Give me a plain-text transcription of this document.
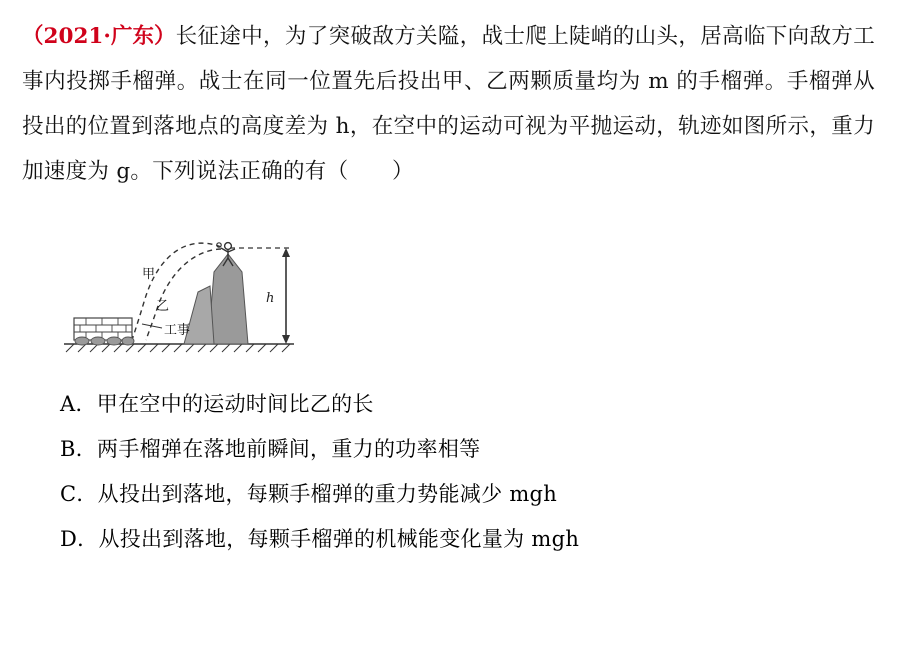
（2021·广东）长征途中，为了突破敌方关隘，战士爬上陡峭的山头，居高临下向敌方工事内投掷手榴弹。战士在同一位置先后投出甲、乙两颗质量均为 m 的手榴弹。手榴弹从投出的位置到落地点的高度差为 h，在空中的运动可视为平抛运动，轨迹如图所示，重力加速度为 g。下列说法正确的有（　　）
h
甲
乙
工事
A．甲在空中的运动时间比乙的长
B．两手榴弹在落地前瞬间，重力的功率相等
C．从投出到落地，每颗手榴弹的重力势能减少 mgh
D．从投出到落地，每颗手榴弹的机械能变化量为 mgh
